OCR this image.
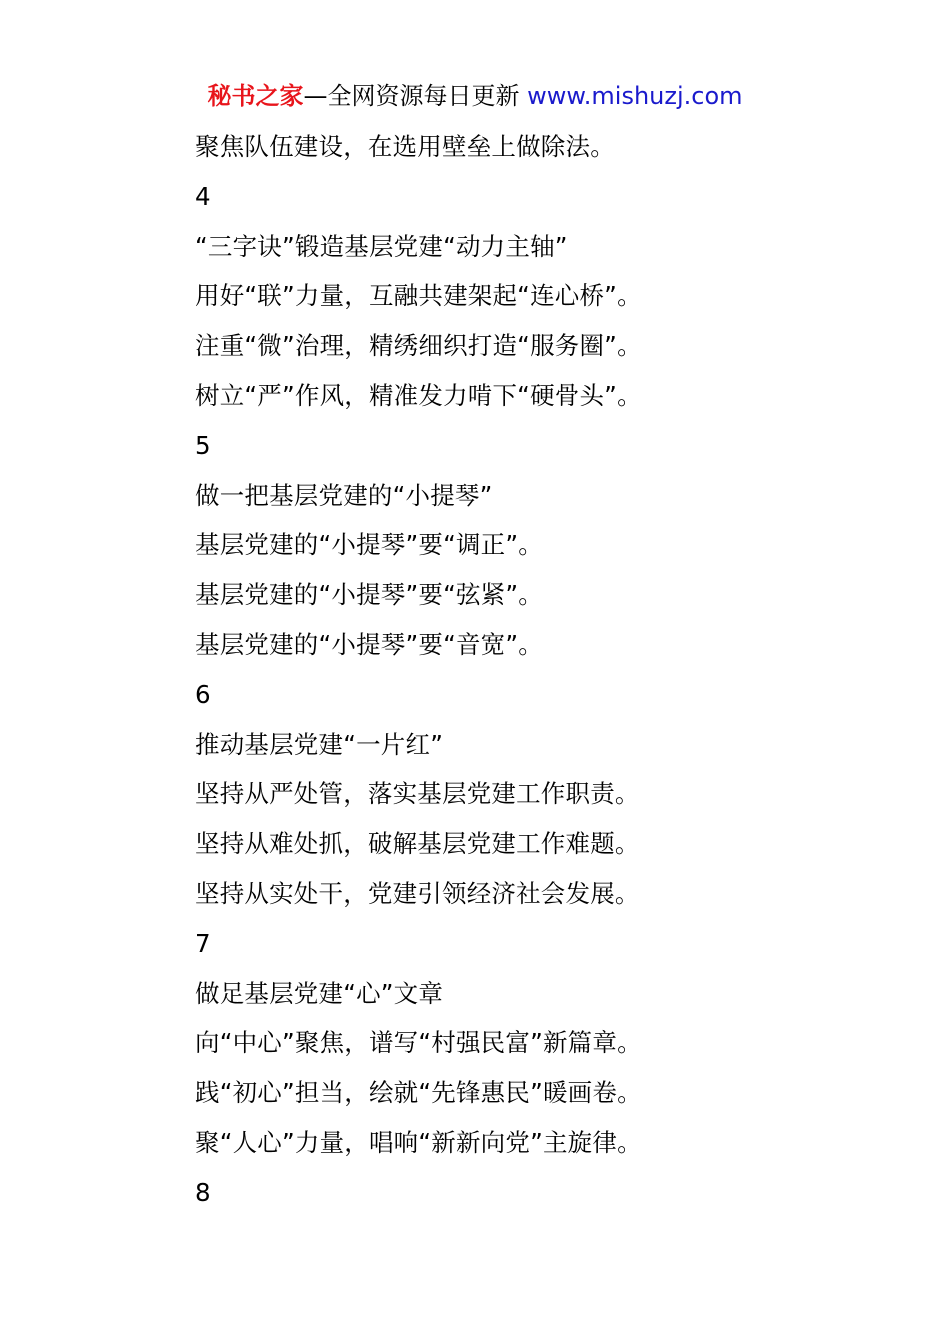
秘书之家—全网资源每日更新 www.mishuzj.com
聚焦队伍建设，在选用壁垒上做除法。
4
“三字诀”锻造基层党建“动力主轴”
用好“联”力量，互融共建架起“连心桥”。
注重“微”治理，精绣细织打造“服务圈”。
树立“严”作风，精准发力啃下“硬骨头”。
5
做一把基层党建的“小提琴”
基层党建的“小提琴”要“调正”。
基层党建的“小提琴”要“弦紧”。
基层党建的“小提琴”要“音宽”。
6
推动基层党建“一片红”
坚持从严处管，落实基层党建工作职责。
坚持从难处抓，破解基层党建工作难题。
坚持从实处干，党建引领经济社会发展。
7
做足基层党建“心”文章
向“中心”聚焦，谱写“村强民富”新篇章。
践“初心”担当，绘就“先锋惠民”暖画卷。
聚“人心”力量，唱响“新新向党”主旋律。
8
